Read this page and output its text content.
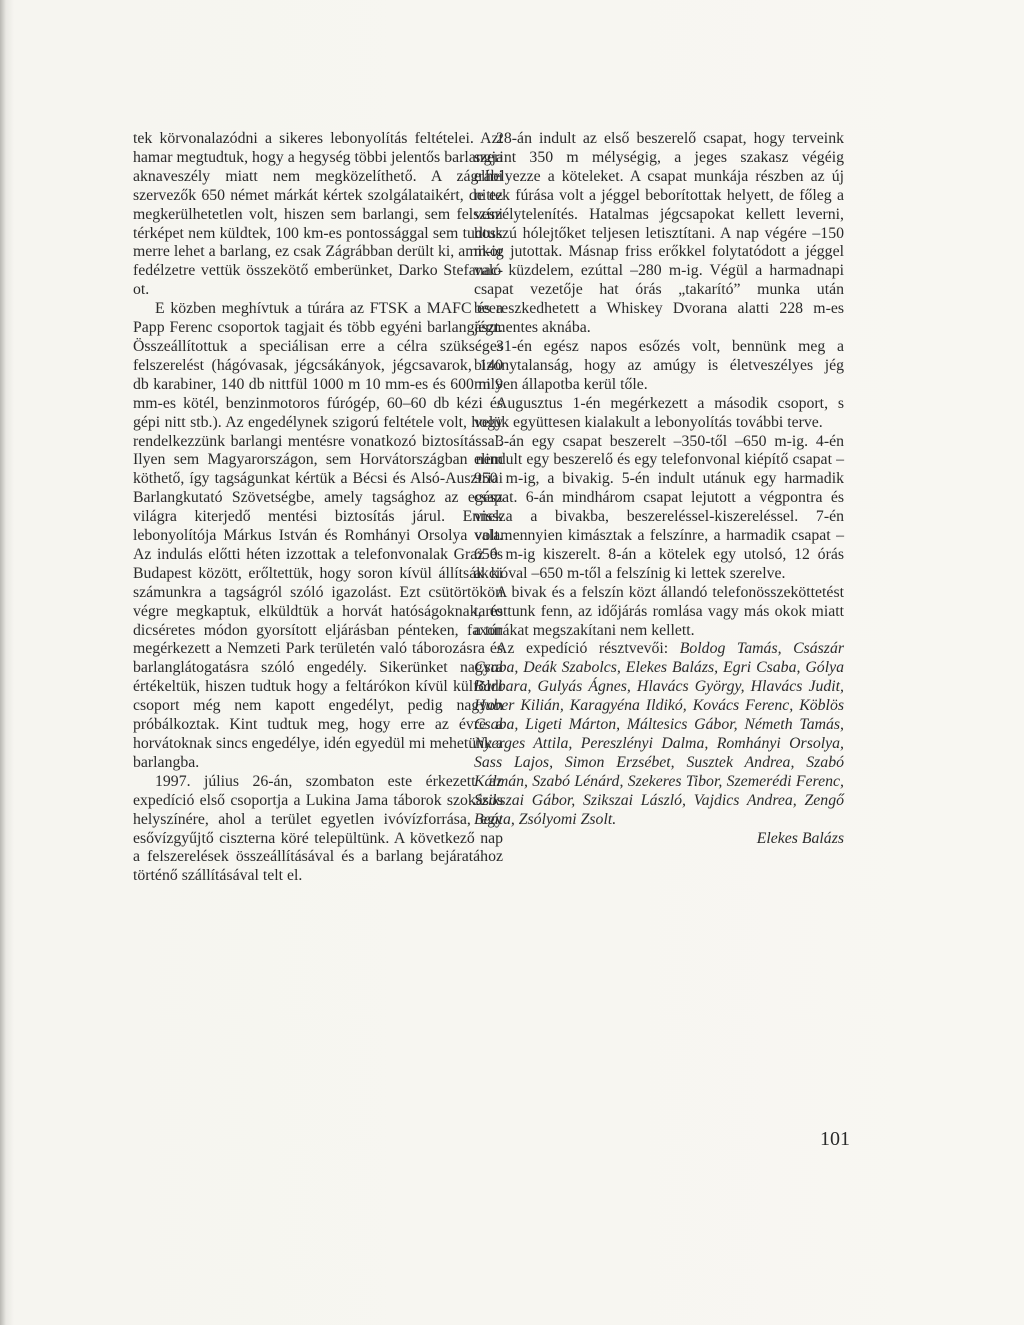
tek körvonalazódni a sikeres lebonyolítás feltételei. Azt hamar megtudtuk, hogy a hegység többi jelentős barlangja aknaveszély miatt nem megközelíthető. A zágrábi szervezők 650 német márkát kértek szolgálataikért, de ez megkerülhetetlen volt, hiszen sem barlangi, sem felszíni térképet nem küldtek, 100 km-es pontossággal sem tudtuk merre lehet a barlang, ez csak Zágrábban derült ki, amikor fedélzetre vettük összekötő emberünket, Darko Stefanac-ot.

E közben meghívtuk a túrára az FTSK a MAFC és a Papp Ferenc csoportok tagjait és több egyéni barlangászt. Összeállítottuk a speciálisan erre a célra szükséges felszerelést (hágóvasak, jégcsákányok, jégcsavarok, 140 db karabiner, 140 db nittfül 1000 m 10 mm-es és 600 m 9 mm-es kötél, benzinmotoros fúrógép, 60–60 db kézi és gépi nitt stb.). Az engedélynek szigorú feltétele volt, hogy rendelkezzünk barlangi mentésre vonatkozó biztosítással. Ilyen sem Magyarországon, sem Horvátországban nem köthető, így tagságunkat kértük a Bécsi és Alsó-Ausztriai Barlangkutató Szövetségbe, amely tagsághoz az egész világra kiterjedő mentési biztosítás járul. Ennek lebonyolítója Márkus István és Romhányi Orsolya volt. Az indulás előtti héten izzottak a telefonvonalak Graz és Budapest között, erőltettük, hogy soron kívül állítsák ki számunkra a tagságról szóló igazolást. Ezt csütörtökön végre megkaptuk, elküldtük a horvát hatóságoknak, és dicséretes módon gyorsított eljárásban pénteken, faxon megérkezett a Nemzeti Park területén való táborozásra és barlanglátogatásra szóló engedély. Sikerünket nagyra értékeltük, hiszen tudtuk hogy a feltárókon kívül külföldi csoport még nem kapott engedélyt, pedig nagyon próbálkoztak. Kint tudtuk meg, hogy erre az évre a horvátoknak sincs engedélye, idén egyedül mi mehetünk a barlangba.

1997. július 26-án, szombaton este érkezett az expedíció első csoportja a Lukina Jama táborok szokásos helyszínére, ahol a terület egyetlen ivóvízforrása, egy esővízgyűjtő ciszterna köré települtünk. A következő nap a felszerelések összeállításával és a barlang bejáratához történő szállításával telt el.

28-án indult az első beszerelő csapat, hogy terveink szerint 350 m mélységig, a jeges szakasz végéig elhelyezze a köteleket. A csapat munkája részben az új nittek fúrása volt a jéggel beborítottak helyett, de főleg a veszélytelenítés. Hatalmas jégcsapokat kellett leverni, hosszú hólejtőket teljesen letisztítani. A nap végére –150 m-ig jutottak. Másnap friss erőkkel folytatódott a jéggel való küzdelem, ezúttal –280 m-ig. Végül a harmadnapi csapat vezetője hat órás „takarító” munka után beereszkedhetett a Whiskey Dvorana alatti 228 m-es jégmentes aknába.

31-én egész napos esőzés volt, bennünk meg a bizonytalanság, hogy az amúgy is életveszélyes jég milyen állapotba kerül tőle.

Augusztus 1-én megérkezett a második csoport, s velük együttesen kialakult a lebonyolítás további terve.

3-án egy csapat beszerelt –350-től –650 m-ig. 4-én elindult egy beszerelő és egy telefonvonal kiépítő csapat –950 m-ig, a bivakig. 5-én indult utánuk egy harmadik csapat. 6-án mindhárom csapat lejutott a végpontra és vissza a bivakba, beszereléssel-kiszereléssel. 7-én valamennyien kimásztak a felszínre, a harmadik csapat –650 m-ig kiszerelt. 8-án a kötelek egy utolsó, 12 órás akcióval –650 m-től a felszínig ki lettek szerelve.

A bivak és a felszín közt állandó telefonösszeköttetést tartottunk fenn, az időjárás romlása vagy más okok miatt a túrákat megszakítani nem kellett.

Az expedíció résztvevői: Boldog Tamás, Császár Csaba, Deák Szabolcs, Elekes Balázs, Egri Csaba, Gólya Barbara, Gulyás Ágnes, Hlavács György, Hlavács Judit, Huber Kilián, Karagyéna Ildikó, Kovács Ferenc, Köblös Csaba, Ligeti Márton, Máltesics Gábor, Németh Tamás, Nyerges Attila, Pereszlényi Dalma, Romhányi Orsolya, Sass Lajos, Simon Erzsébet, Susztek Andrea, Szabó Kálmán, Szabó Lénárd, Szekeres Tibor, Szemerédi Ferenc, Szikszai Gábor, Szikszai László, Vajdics Andrea, Zengő Beáta, Zsólyomi Zsolt.

Elekes Balázs

101
